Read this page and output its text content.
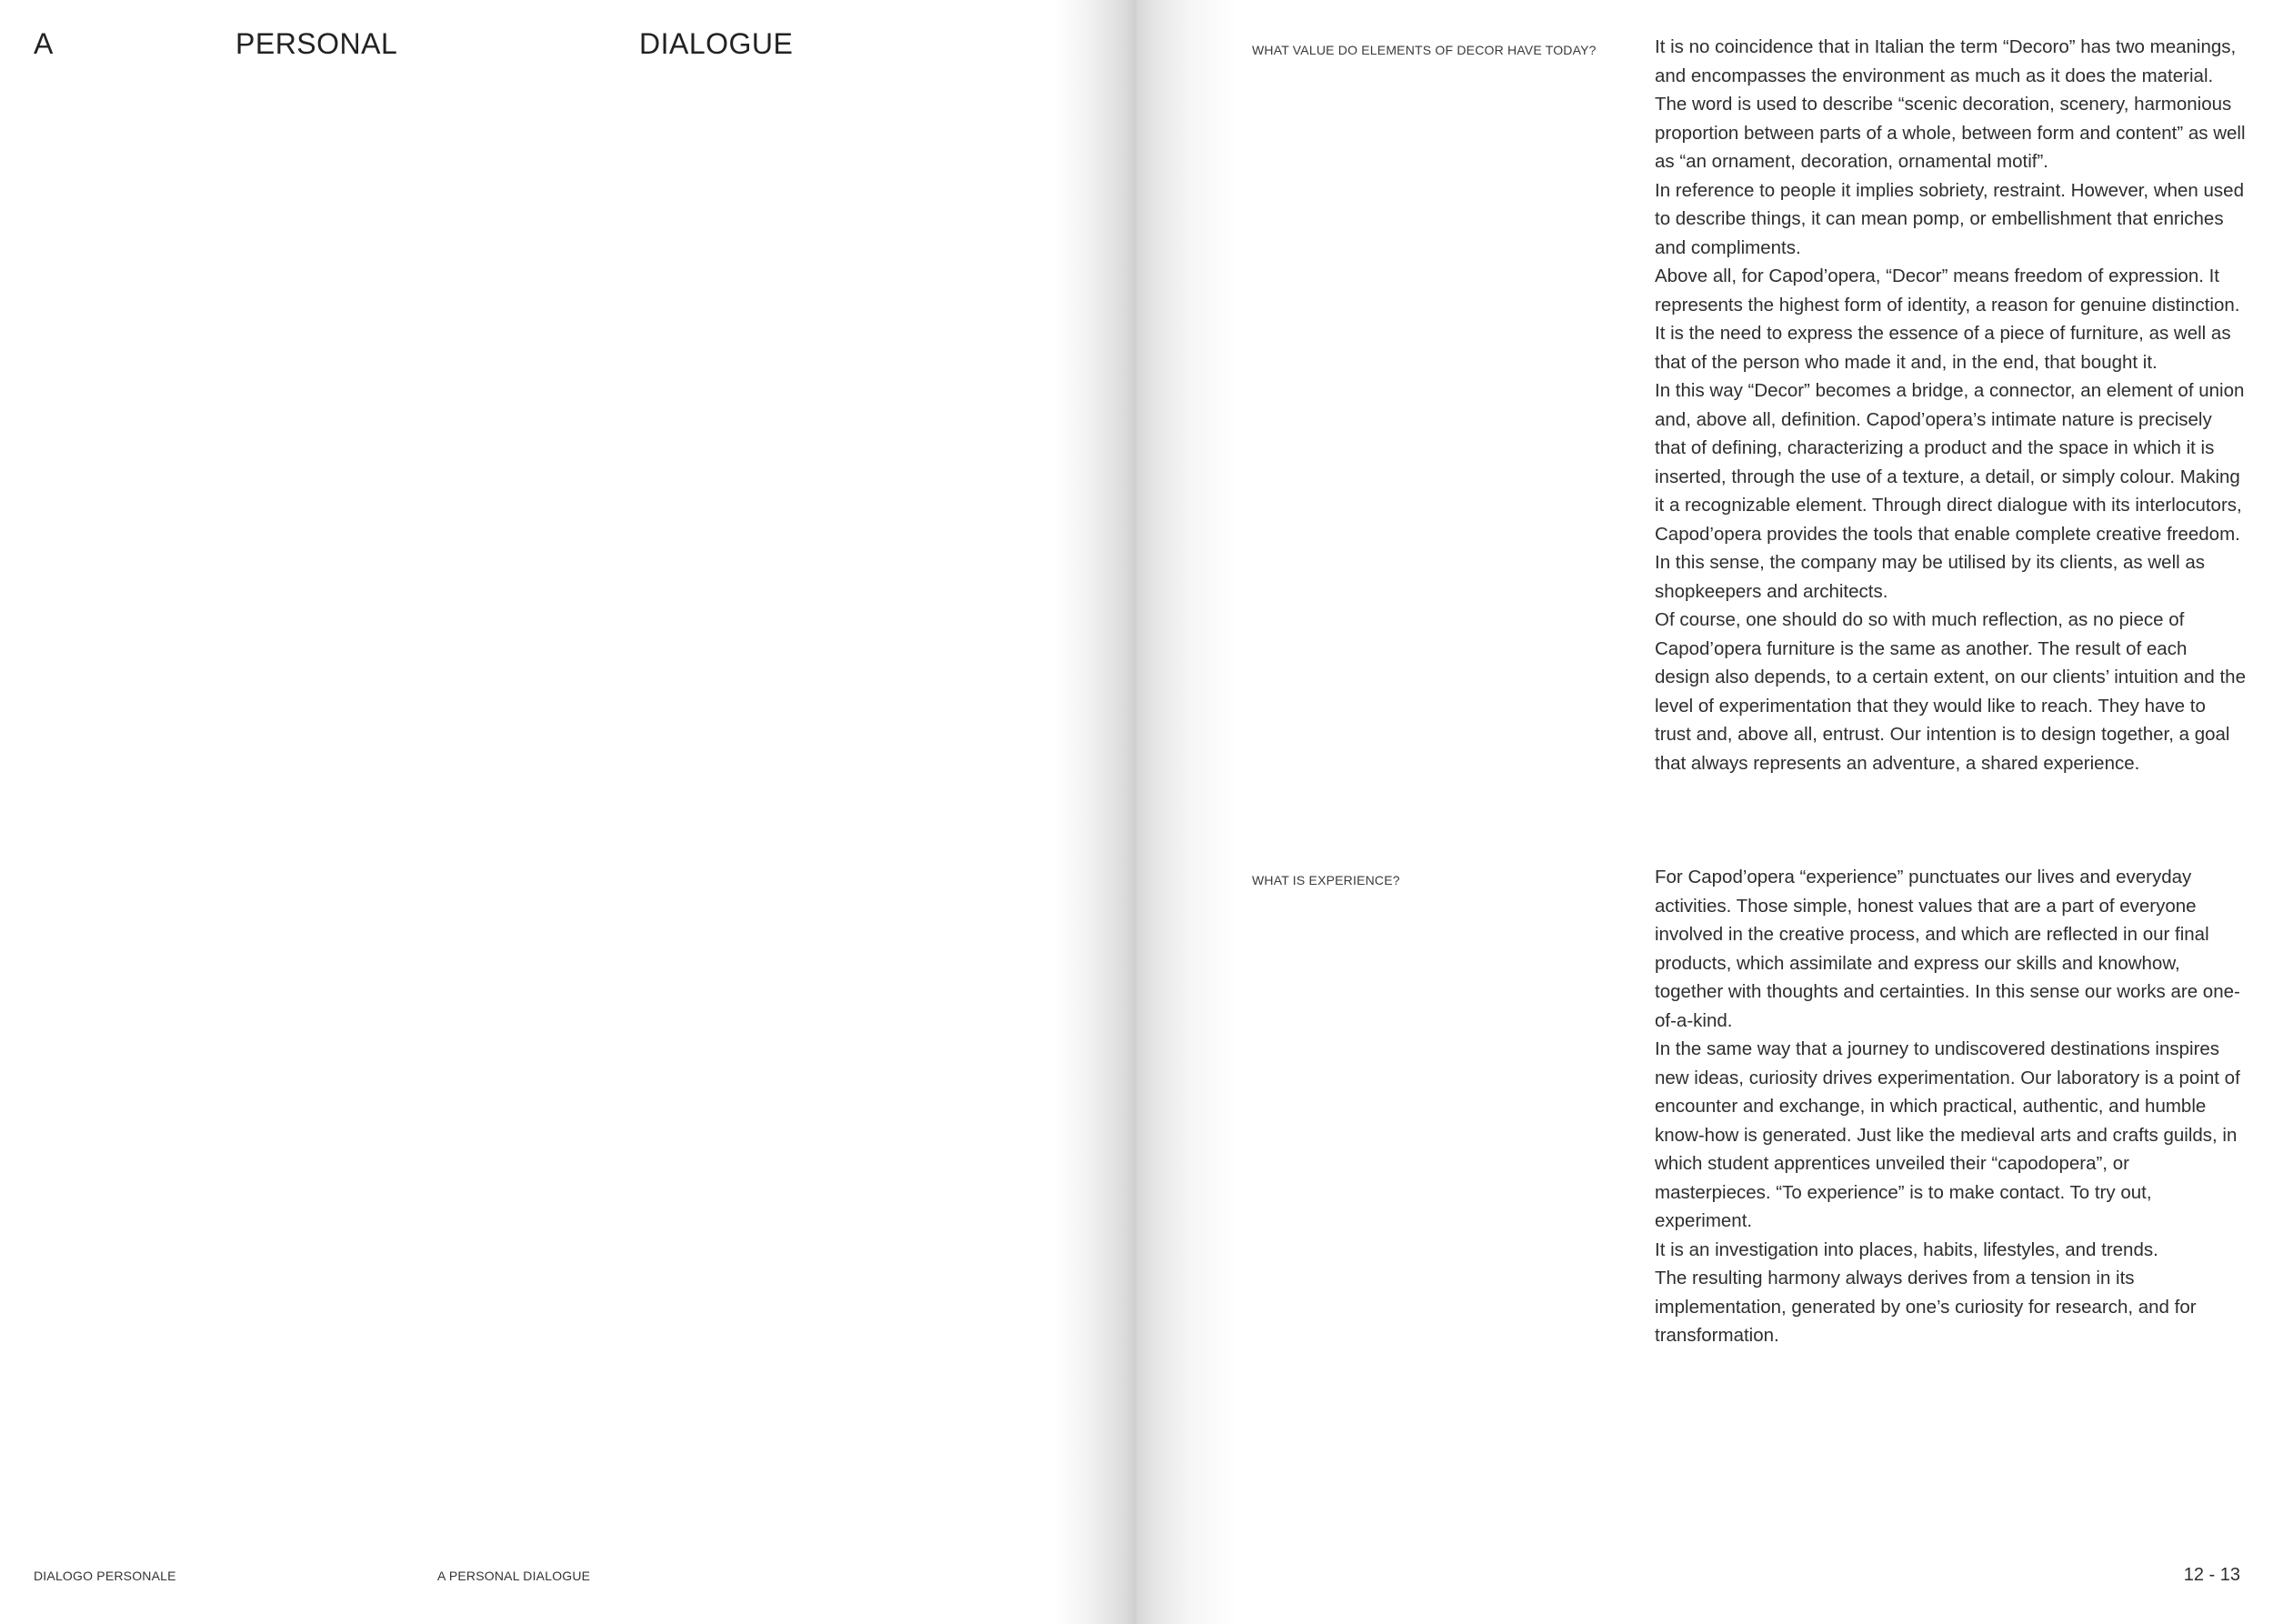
A	PERSONAL	DIALOGUE
DIALOGO PERSONALE	A PERSONAL DIALOGUE
WHAT VALUE DO ELEMENTS OF DECOR HAVE TODAY?	It is no coincidence that in Italian the term “Decoro” has two meanings, and encompasses the environment as much as it does the material. The word is used to describe “scenic decoration, scenery, harmonious proportion between parts of a whole, between form and content” as well as “an ornament, decoration, ornamental motif”.

In reference to people it implies sobriety, restraint. However, when used to describe things, it can mean pomp, or embellishment that enriches and compliments.

Above all, for Capod’opera, “Decor” means freedom of expression. It represents the highest form of identity, a reason for genuine distinction. It is the need to express the essence of a piece of furniture, as well as that of the person who made it and, in the end, that bought it.

In this way “Decor” becomes a bridge, a connector, an element of union and, above all, definition. Capod’opera’s intimate nature is precisely that of defining, characterizing a product and the space in which it is inserted, through the use of a texture, a detail, or simply colour. Making it a recognizable element. Through direct dialogue with its interlocutors, Capod’opera provides the tools that enable complete creative freedom. In this sense, the company may be utilised by its clients, as well as shopkeepers and architects.

Of course, one should do so with much reflection, as no piece of Capod’opera furniture is the same as another. The result of each design also depends, to a certain extent, on our clients’ intuition and the level of experimentation that they would like to reach. They have to trust and, above all, entrust. Our intention is to design together, a goal that always represents an adventure, a shared experience.

WHAT IS EXPERIENCE?	For Capod’opera “experience” punctuates our lives and everyday activities. Those simple, honest values that are a part of everyone involved in the creative process, and which are reflected in our final products, which assimilate and express our skills and knowhow, together with thoughts and certainties. In this sense our works are one-of-a-kind.

In the same way that a journey to undiscovered destinations inspires new ideas, curiosity drives experimentation. Our laboratory is a point of encounter and exchange, in which practical, authentic, and humble know-how is generated. Just like the medieval arts and crafts guilds, in which student apprentices unveiled their “capodopera”, or masterpieces. “To experience” is to make contact. To try out, experiment.

It is an investigation into places, habits, lifestyles, and trends.

The resulting harmony always derives from a tension in its implementation, generated by one’s curiosity for research, and for transformation.

12 - 13
